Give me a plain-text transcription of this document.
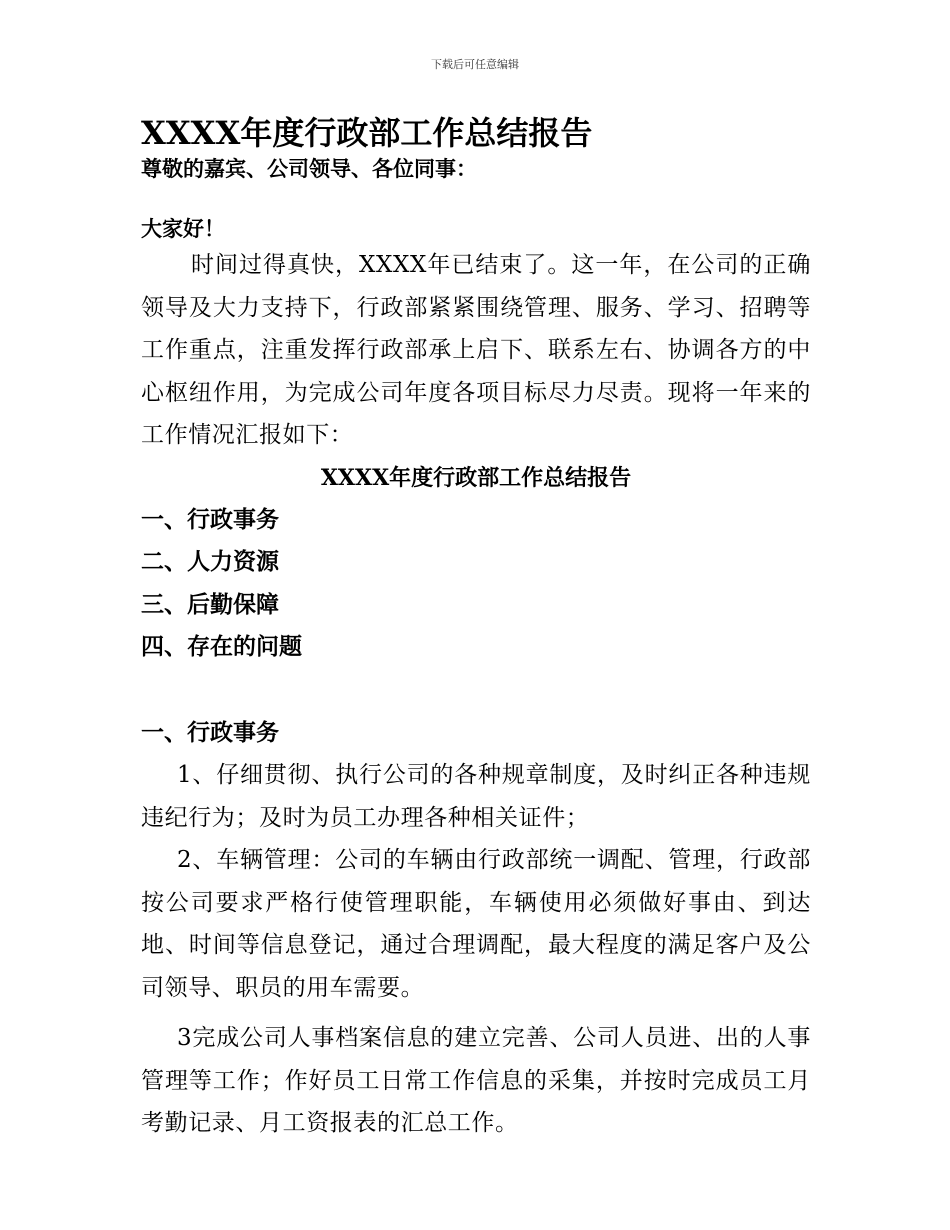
下载后可任意编辑
XXXX年度行政部工作总结报告

尊敬的嘉宾、公司领导、各位同事：

大家好！

时间过得真快，XXXX年已结束了。这一年，在公司的正确领导及大力支持下，行政部紧紧围绕管理、服务、学习、招聘等工作重点，注重发挥行政部承上启下、联系左右、协调各方的中心枢纽作用，为完成公司年度各项目标尽力尽责。现将一年来的工作情况汇报如下：

XXXX年度行政部工作总结报告

一、行政事务

二、人力资源

三、后勤保障

四、存在的问题

一、行政事务

1、仔细贯彻、执行公司的各种规章制度，及时纠正各种违规违纪行为；及时为员工办理各种相关证件；

2、车辆管理：公司的车辆由行政部统一调配、管理，行政部按公司要求严格行使管理职能，车辆使用必须做好事由、到达地、时间等信息登记，通过合理调配，最大程度的满足客户及公司领导、职员的用车需要。

3完成公司人事档案信息的建立完善、公司人员进、出的人事管理等工作；作好员工日常工作信息的采集，并按时完成员工月考勤记录、月工资报表的汇总工作。
